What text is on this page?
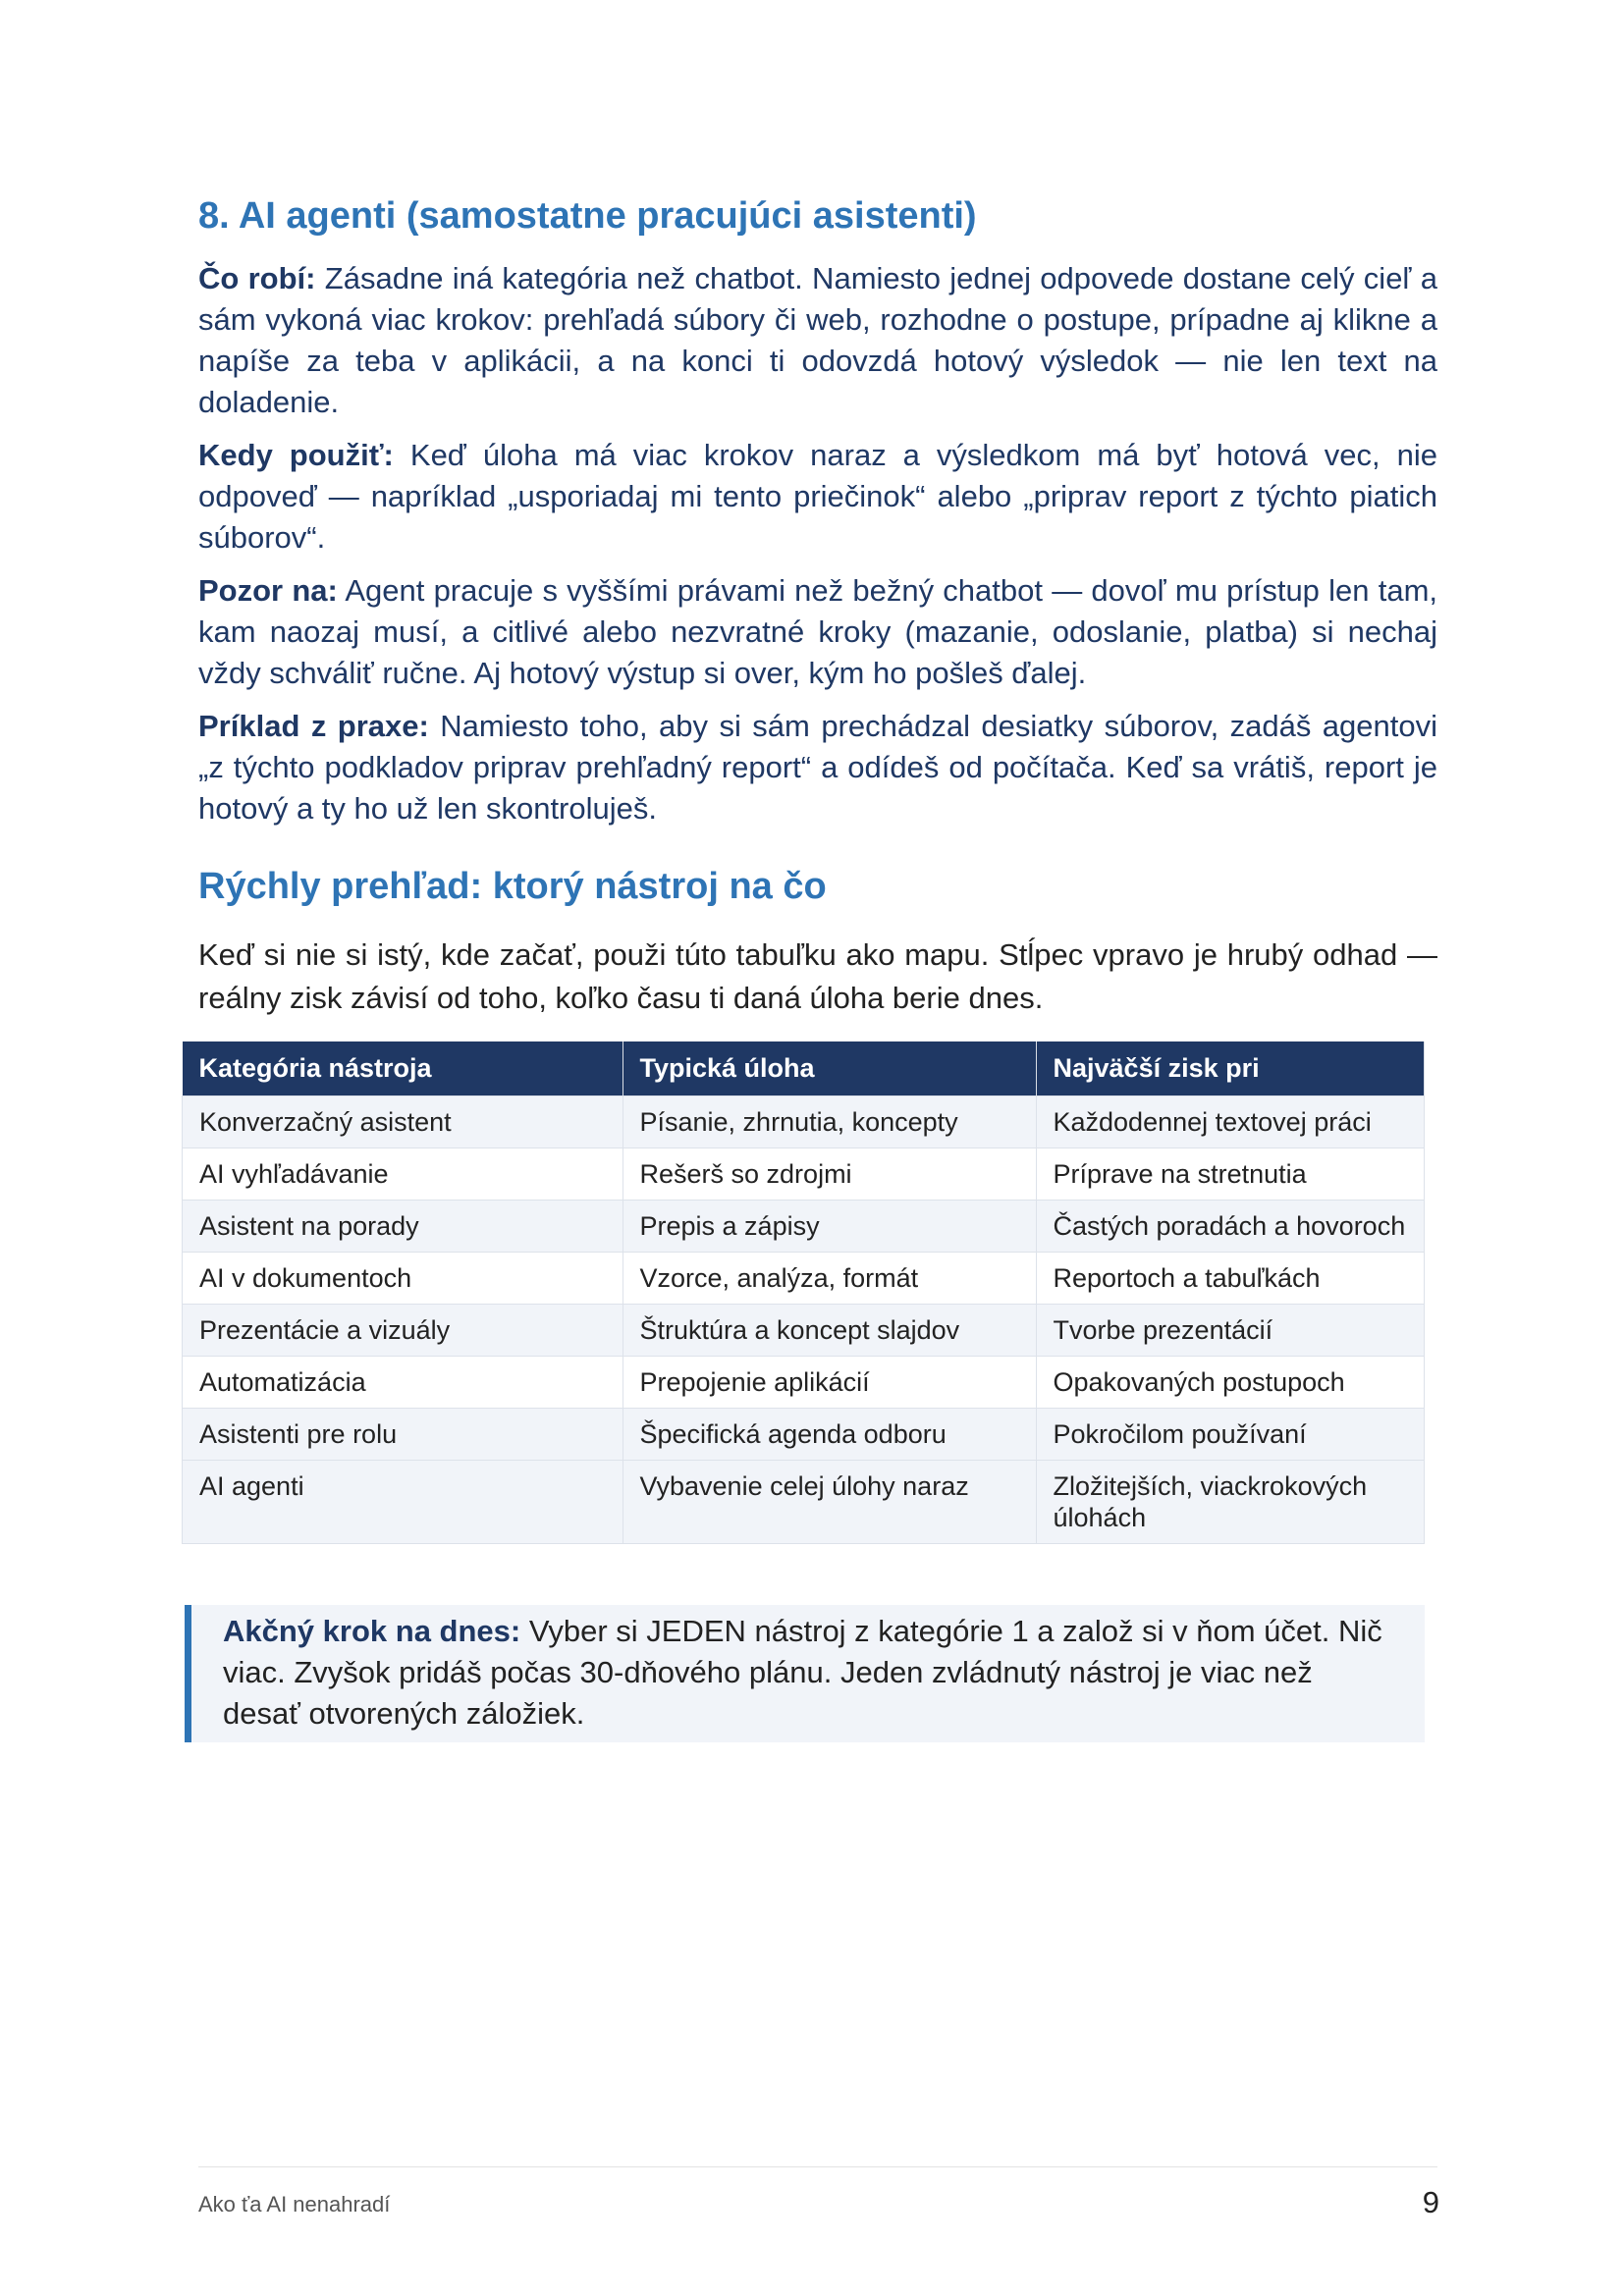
8. AI agenti (samostatne pracujúci asistenti)

Čo robí: Zásadne iná kategória než chatbot. Namiesto jednej odpovede dostane celý cieľ a sám vykoná viac krokov: prehľadá súbory či web, rozhodne o postupe, prípadne aj klikne a napíše za teba v aplikácii, a na konci ti odovzdá hotový výsledok — nie len text na doladenie.

Kedy použiť: Keď úloha má viac krokov naraz a výsledkom má byť hotová vec, nie odpoveď — napríklad „usporiadaj mi tento priečinok“ alebo „priprav report z týchto piatich súborov“.

Pozor na: Agent pracuje s vyššími právami než bežný chatbot — dovoľ mu prístup len tam, kam naozaj musí, a citlivé alebo nezvratné kroky (mazanie, odoslanie, platba) si nechaj vždy schváliť ručne. Aj hotový výstup si over, kým ho pošleš ďalej.

Príklad z praxe: Namiesto toho, aby si sám prechádzal desiatky súborov, zadáš agentovi „z týchto podkladov priprav prehľadný report“ a odídeš od počítača. Keď sa vrátiš, report je hotový a ty ho už len skontroluješ.

Rýchly prehľad: ktorý nástroj na čo

Keď si nie si istý, kde začať, použi túto tabuľku ako mapu. Stĺpec vpravo je hrubý odhad — reálny zisk závisí od toho, koľko času ti daná úloha berie dnes.

Kategória nástroja	Typická úloha	Najväčší zisk pri
Konverzačný asistent	Písanie, zhrnutia, koncepty	Každodennej textovej práci
AI vyhľadávanie	Rešerš so zdrojmi	Príprave na stretnutia
Asistent na porady	Prepis a zápisy	Častých poradách a hovoroch
AI v dokumentoch	Vzorce, analýza, formát	Reportoch a tabuľkách
Prezentácie a vizuály	Štruktúra a koncept slajdov	Tvorbe prezentácií
Automatizácia	Prepojenie aplikácií	Opakovaných postupoch
Asistenti pre rolu	Špecifická agenda odboru	Pokročilom používaní
AI agenti	Vybavenie celej úlohy naraz	Zložitejších, viackrokových úlohách
Akčný krok na dnes: Vyber si JEDEN nástroj z kategórie 1 a založ si v ňom účet. Nič viac. Zvyšok pridáš počas 30-dňového plánu. Jeden zvládnutý nástroj je viac než desať otvorených záložiek.
Ako ťa AI nenahradí	9
